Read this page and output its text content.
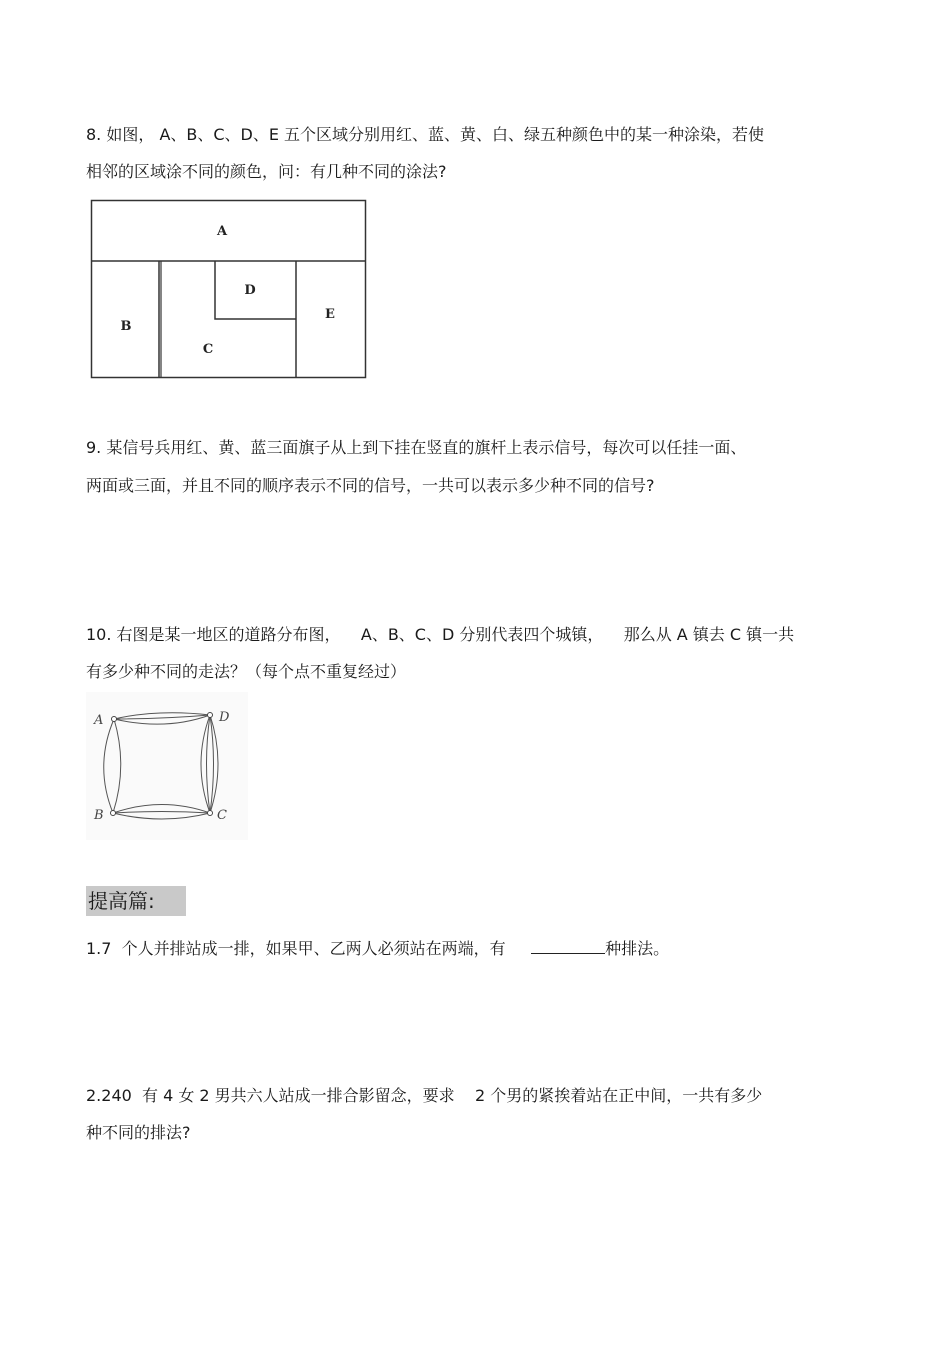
8. 如图， A、B、C、D、E 五个区域分别用红、蓝、黄、白、绿五种颜色中的某一种涂染，若使
相邻的区域涂不同的颜色，问：有几种不同的涂法?
A
B
C
D
E
9. 某信号兵用红、黄、蓝三面旗子从上到下挂在竖直的旗杆上表示信号，每次可以任挂一面、
两面或三面，并且不同的顺序表示不同的信号，一共可以表示多少种不同的信号?
10. 右图是某一地区的道路分布图，    A、B、C、D 分别代表四个城镇，    那么从 A 镇去 C 镇一共
有多少种不同的走法？（每个点不重复经过）
A	D
B	C
提高篇:
1.7  个人并排站成一排，如果甲、乙两人必须站在两端，有	种排法。
2.240  有 4 女 2 男共六人站成一排合影留念，要求    2 个男的紧挨着站在正中间，一共有多少
种不同的排法?
